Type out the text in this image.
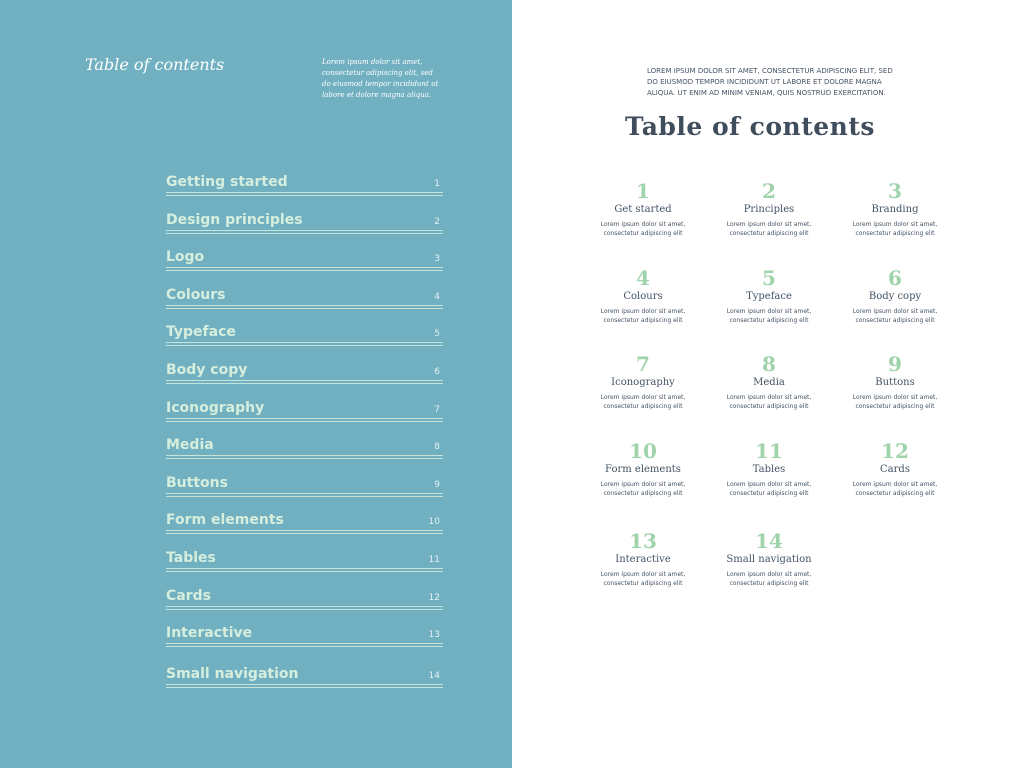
Table of contents	Lorem ipsum dolor sit amet, consectetur adipiscing elit, sed do eiusmod tempor incididunt ut labore et dolore magna aliqua.
Getting started	1
Design principles	2
Logo	3
Colours	4
Typeface	5
Body copy	6
Iconography	7
Media	8
Buttons	9
Form elements	10
Tables	11
Cards	12
Interactive	13
Small navigation	14
LOREM IPSUM DOLOR SIT AMET, CONSECTETUR ADIPISCING ELIT, SED DO EIUSMOD TEMPOR INCIDIDUNT UT LABORE ET DOLORE MAGNA ALIQUA. UT ENIM AD MINIM VENIAM, QUIS NOSTRUD EXERCITATION.
Table of contents
1
Get started
Lorem ipsum dolor sit amet,
consectetur adipiscing elit
2
Principles
Lorem ipsum dolor sit amet,
consectetur adipiscing elit
3
Branding
Lorem ipsum dolor sit amet,
consectetur adipiscing elit
4
Colours
Lorem ipsum dolor sit amet,
consectetur adipiscing elit
5
Typeface
Lorem ipsum dolor sit amet,
consectetur adipiscing elit
6
Body copy
Lorem ipsum dolor sit amet,
consectetur adipiscing elit
7
Iconography
Lorem ipsum dolor sit amet,
consectetur adipiscing elit
8
Media
Lorem ipsum dolor sit amet,
consectetur adipiscing elit
9
Buttons
Lorem ipsum dolor sit amet,
consectetur adipiscing elit
10
Form elements
Lorem ipsum dolor sit amet,
consectetur adipiscing elit
11
Tables
Lorem ipsum dolor sit amet,
consectetur adipiscing elit
12
Cards
Lorem ipsum dolor sit amet,
consectetur adipiscing elit
13
Interactive
Lorem ipsum dolor sit amet,
consectetur adipiscing elit
14
Small navigation
Lorem ipsum dolor sit amet,
consectetur adipiscing elit
